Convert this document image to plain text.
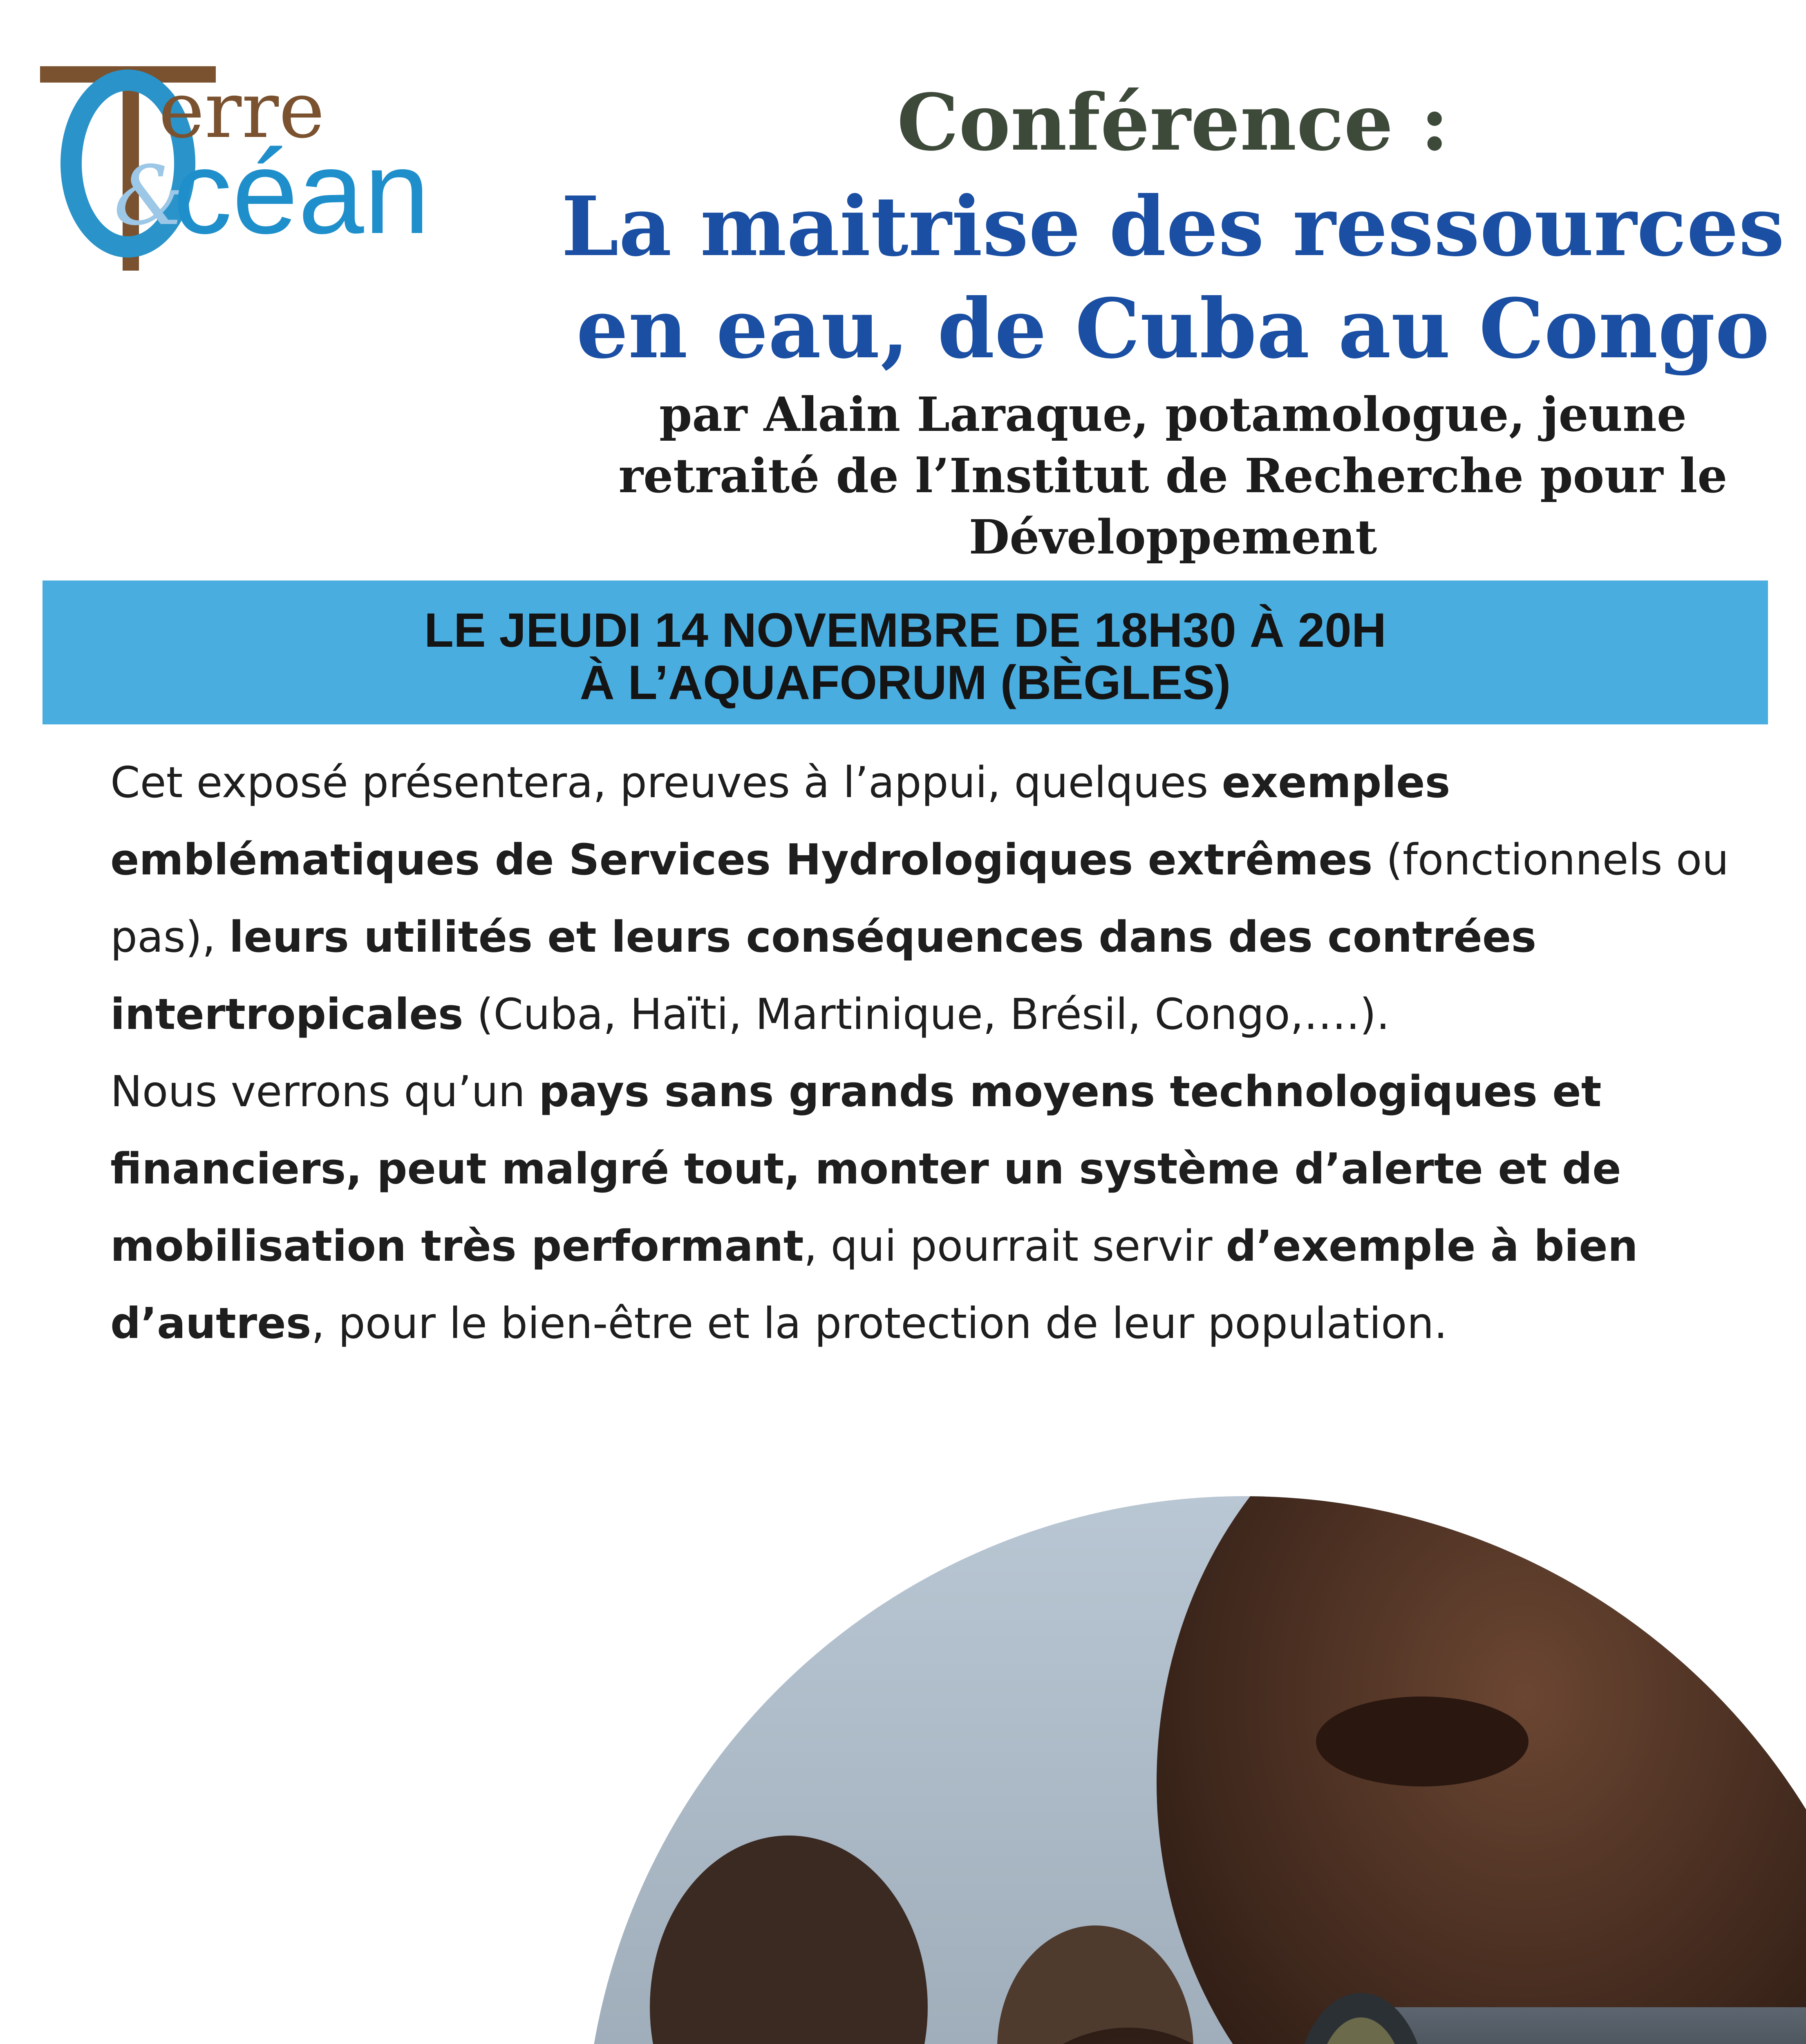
erre
&
céan
Conférence :
La maitrise des ressources
en eau, de Cuba au Congo
par Alain Laraque, potamologue, jeune
retraité de l’Institut de Recherche pour le
Développement
LE JEUDI 14 NOVEMBRE DE 18H30 À 20H
À L’AQUAFORUM (BÈGLES)

Cet exposé présentera, preuves à l’appui, quelques exemples emblématiques de Services Hydrologiques extrêmes (fonctionnels ou pas), leurs utilités et leurs conséquences dans des contrées intertropicales (Cuba, Haïti, Martinique, Brésil, Congo,….).

Nous verrons qu’un pays sans grands moyens technologiques et financiers, peut malgré tout, monter un système d’alerte et de mobilisation très performant, qui pourrait servir d’exemple à bien d’autres, pour le bien-être et la protection de leur population.
